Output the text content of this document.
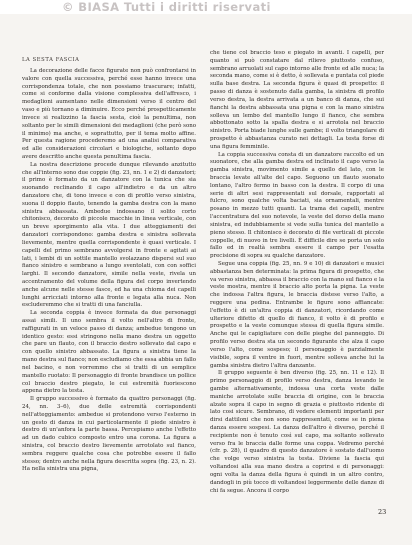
© BIASA Tutti i diritti riservati
LA SESTA FASCIA

La decorazione delle facce figurate non può confrontarsi in valore con quella successiva, perché esse hanno invece una corrispondenza totale, che non possiamo trascurare; infatti, come si conforme dalla visione complessiva dell'affresco, i medaglioni aumentano nelle dimensioni verso il centro del vaso e più tornano a diminuire. Ecco perché prospetticamente invece si realizzino la fascia sesta, cioè la penultima, non soltanto per le simili dimensioni dei medaglioni (che però sono il minimo) ma anche, e soprattutto, per il tema molto affine. Per questa ragione procederemo ad una analisi comparativa ed alle considerazioni circolari e biologiche, soltanto dopo avere descritto anche questa penultima fascia.

La nostra descrizione procede dunque rilevando anzitutto che all'interno sono due coppie (fig. 23, nn. 1 e 2) di danzatori; il primo è formato da un danzatore con la tunica che sia suonando reclinando il capo all'indietro e da un altro danzatore che, di tono invece e con di profilo verso sinistra, suona il doppio flauto, tenendo la gamba destra con la mano sinistra abbassata. Ambedue indossano il solito corto chitonisco, decorato di piccole macchie in linea verticale, con un breve sporgimento alla vita. I due atteggiamenti dei danzatori corrispondono: gamba destra e sinistra sollevata lievemente, mentre quella corrispondente è quasi verticale. I capelli del primo sembrano avvolgersi in fronte e agitati ai lati, i lembi di un sottile mantello svolazzano dispersi sul suo fianco sinistro e sembrano a lungo sventolati, con con soffici larghi. Il secondo danzatore, simile nella veste, rivela un accentramento del volume della figura del corpo invertendo anche alcune nelle stesse fasce, ed ha una chioma dei capelli lunghi arricciati intorno alla fronte e legata alla nuca. Non escluderemmo che si tratti di una fanciulla.

La seconda coppia è invece formata da due personaggi assai simili. Il uno sembra il volto nell'altro di fronte, raffigurati in un veloce passo di danza; ambedue tengono un identico gesto: essi stringono nella mano destra un oggetto che pare un flauto, con il braccio destro sollevato dal capo e con quello sinistro abbassato. La figura a sinistra tiene la mano destra sul fianco; non escludiamo che essa abbia un fallo nel bacino, e non vorremmo che si tratti di un semplice mantello ruotato: Il personaggio di fronte brandisce un pollice col braccio destro piegato, le cui estremità fuoriescono appena dietro la testa.

Il gruppo successivo è formato da quattro personaggi (fig. 24, nn. 3–6), due delle estremità corrispondenti nell'atteggiamento: ambedue si protendono verso l'esterno in un gesto di danza in cui particolarmente il piede sinistro è destro di un'anfora la parte bassa. Percepiamo anche l'effetto ad un dado cubico composto entro una corona. La figura a sinistra, col braccio destro lievemente arrotolato sul fianco, sembra reggere qualche cosa che potrebbe essere il fallo stesso; dentro anche nella figura descritta sopra (fig. 23, n. 2). Ha nella sinistra una pigna,

che tiene col braccio teso e piegato in avanti. I capelli, per quanto si può constatare dal rilievo piuttosto confuso, sembrano arruolati sul capo intorno alle fronte ed alle nuca; la seconda mano, come si è detto, è sollevata e puntata col piede sulla base destra. La seconda figura è quasi di prospetto: il passo di danza è sostenuto dalla gamba, la sinistra di profilo verso destra, la destra arrivata a un banco di danza, che sui fianchi la destra abbassata una pigna e con la mano sinistra solleva un lembo del mantello lungo il fianco, che sembra abbottonato sotto la spalla destra e si arrotola nel braccio sinistro. Porta biade lunghe sulle gambe; il volto triangolare di prospetto è abbastanza curato nei dettagli. La testa forse di una figura femminile.

La coppia successiva consta di un danzatore raccolto ed un suonatore, che alla gamba destra ed inclinato il capo verso la gamba sinistra, movimento simile a quello del lato, con le braccia levate all'alte del capo. Seguono un flauto suonato lontano, l'altro fermo in basso con la destra. Il corpo di una serie di altri sesi rappresentati sul dorsale, rapportati al fulcro, sono qualche volta baciati, sia ornamentali, mentre posano in mezzo tutti quanti. La trama dei capelli, mentre l'accentratura del suo notevole, la veste del dorso della mano sinistra, ed indubbiamente si vede sulla tunica del mantello a pieno stesso. Il chitonisco è decorato di file verticali di piccole coppelle, di nuovo in tre livelli. È difficile dire se porta un solo fallo ed in realtà sembra essere il campo per l'esatta precisione di sopra su qualche danzatore.

Segue una coppia (fig. 25, nn. 9 e 10) di danzatori e musici abbastanza ben determinata: la prima figura di prospetto, che va verso sinistra, abbassa il braccio con la mano sul fianco e la veste mostra, mentre il braccio alto porta la pigna. La veste che indossa l'altra figura, le braccia distese verso l'alto, a reggere una pedina. Entrambe le figure sono affiancate: l'effetto è di un'altra coppia di danzatori, ricordando come ulteriore difetto di quello di fianco, il volto è di profilo e prospetto e la veste comunque stessa di quella figura simile. Anche qui le capigliature con delle pieghe del panneggio. Di profilo verso destra sta un secondo figurante che alza il capo verso l'alto, come sospeso; il personaggio è parzialmente visibile, sopra il ventre in fuori, mentre solleva anche lui la gamba sinistra dietro l'altra danzante.

Il gruppo seguente è ben diverso (fig. 25, nn. 11 e 12). Il primo personaggio di profilo verso destra, danza levando le gambe alternativamente, indossa una corta veste dalle maniche arrotolate sulle braccia di origine, con le braccia alzate sopra il capo in segno di grazia e piuttosto ridente di lato cosi sicure. Sembrano, di vedere elementi importanti per dirsi dattiloni che non sono rappresentati, come se in piena danza essere sospesi. La danza dell'altro è diverso, perché il recipiente non è tenuto così sul capo, ma soltanto sollevato verso fra le braccia dalle forme una coppa. Vedremo perché (cfr. p. 28), il quadro di questo danzatore è sostato dall'uomo che volge verso sinistra la testa. Diviene la fascia qui voltandosi alla sua mano destra a coprirsi e di personaggi: ogni volta la danza della figura è quindi in un altro contro, dandogli in più tocco di voltandosi leggermente delle danze di chi fa segue. Ancora il corpo

23
